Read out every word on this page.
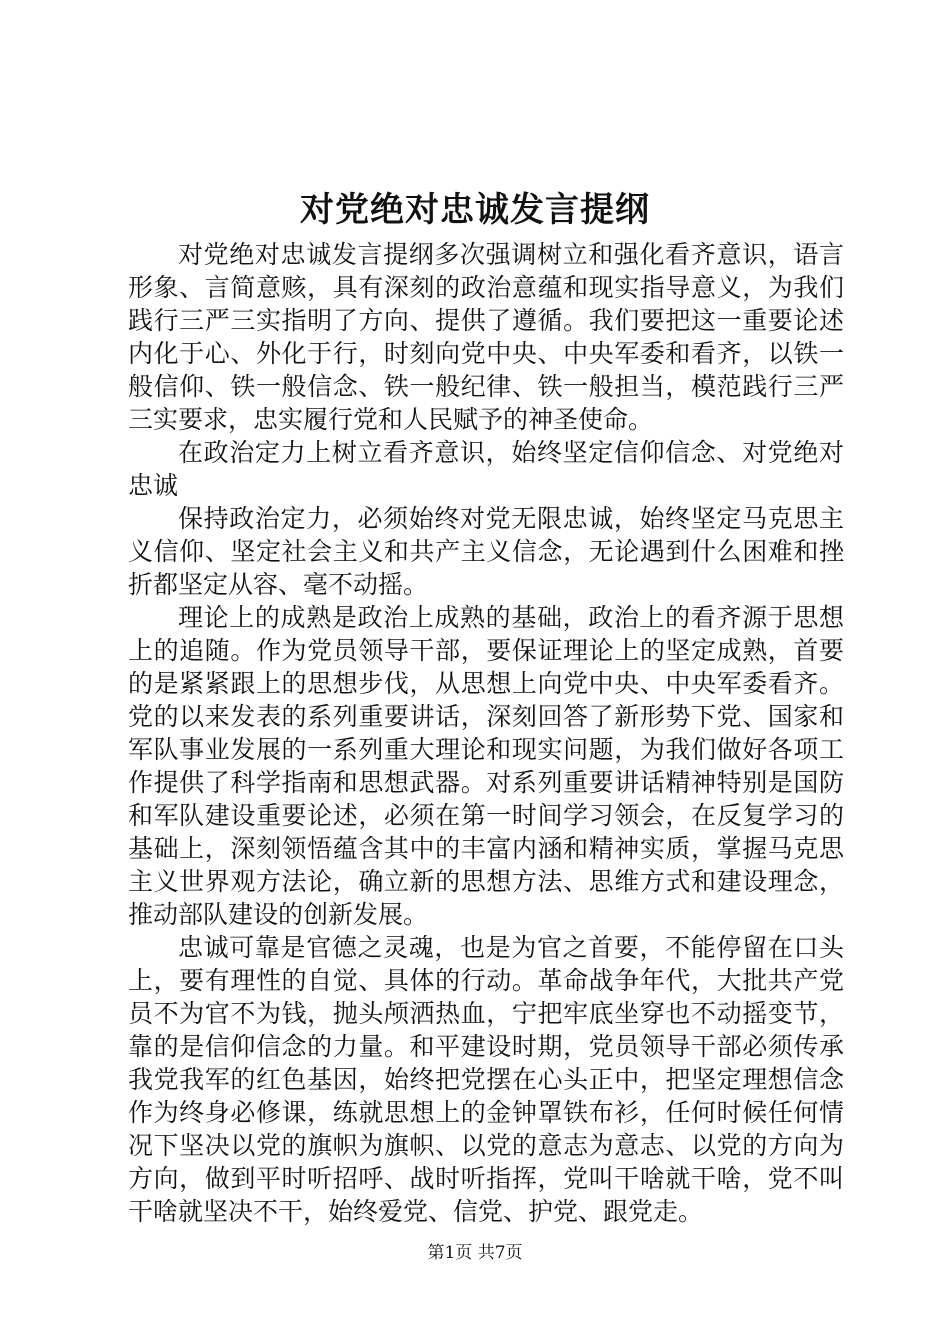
对党绝对忠诚发言提纲

对党绝对忠诚发言提纲多次强调树立和强化看齐意识，语言形象、言简意赅，具有深刻的政治意蕴和现实指导意义，为我们践行三严三实指明了方向、提供了遵循。我们要把这一重要论述内化于心、外化于行，时刻向党中央、中央军委和看齐，以铁一般信仰、铁一般信念、铁一般纪律、铁一般担当，模范践行三严三实要求，忠实履行党和人民赋予的神圣使命。

在政治定力上树立看齐意识，始终坚定信仰信念、对党绝对忠诚

保持政治定力，必须始终对党无限忠诚，始终坚定马克思主义信仰、坚定社会主义和共产主义信念，无论遇到什么困难和挫折都坚定从容、毫不动摇。

理论上的成熟是政治上成熟的基础，政治上的看齐源于思想上的追随。作为党员领导干部，要保证理论上的坚定成熟，首要的是紧紧跟上的思想步伐，从思想上向党中央、中央军委看齐。党的以来发表的系列重要讲话，深刻回答了新形势下党、国家和军队事业发展的一系列重大理论和现实问题，为我们做好各项工作提供了科学指南和思想武器。对系列重要讲话精神特别是国防和军队建设重要论述，必须在第一时间学习领会，在反复学习的基础上，深刻领悟蕴含其中的丰富内涵和精神实质，掌握马克思主义世界观方法论，确立新的思想方法、思维方式和建设理念，推动部队建设的创新发展。

忠诚可靠是官德之灵魂，也是为官之首要，不能停留在口头上，要有理性的自觉、具体的行动。革命战争年代，大批共产党员不为官不为钱，抛头颅洒热血，宁把牢底坐穿也不动摇变节，靠的是信仰信念的力量。和平建设时期，党员领导干部必须传承我党我军的红色基因，始终把党摆在心头正中，把坚定理想信念作为终身必修课，练就思想上的金钟罩铁布衫，任何时候任何情况下坚决以党的旗帜为旗帜、以党的意志为意志、以党的方向为方向，做到平时听招呼、战时听指挥，党叫干啥就干啥，党不叫干啥就坚决不干，始终爱党、信党、护党、跟党走。

第1页 共7页
